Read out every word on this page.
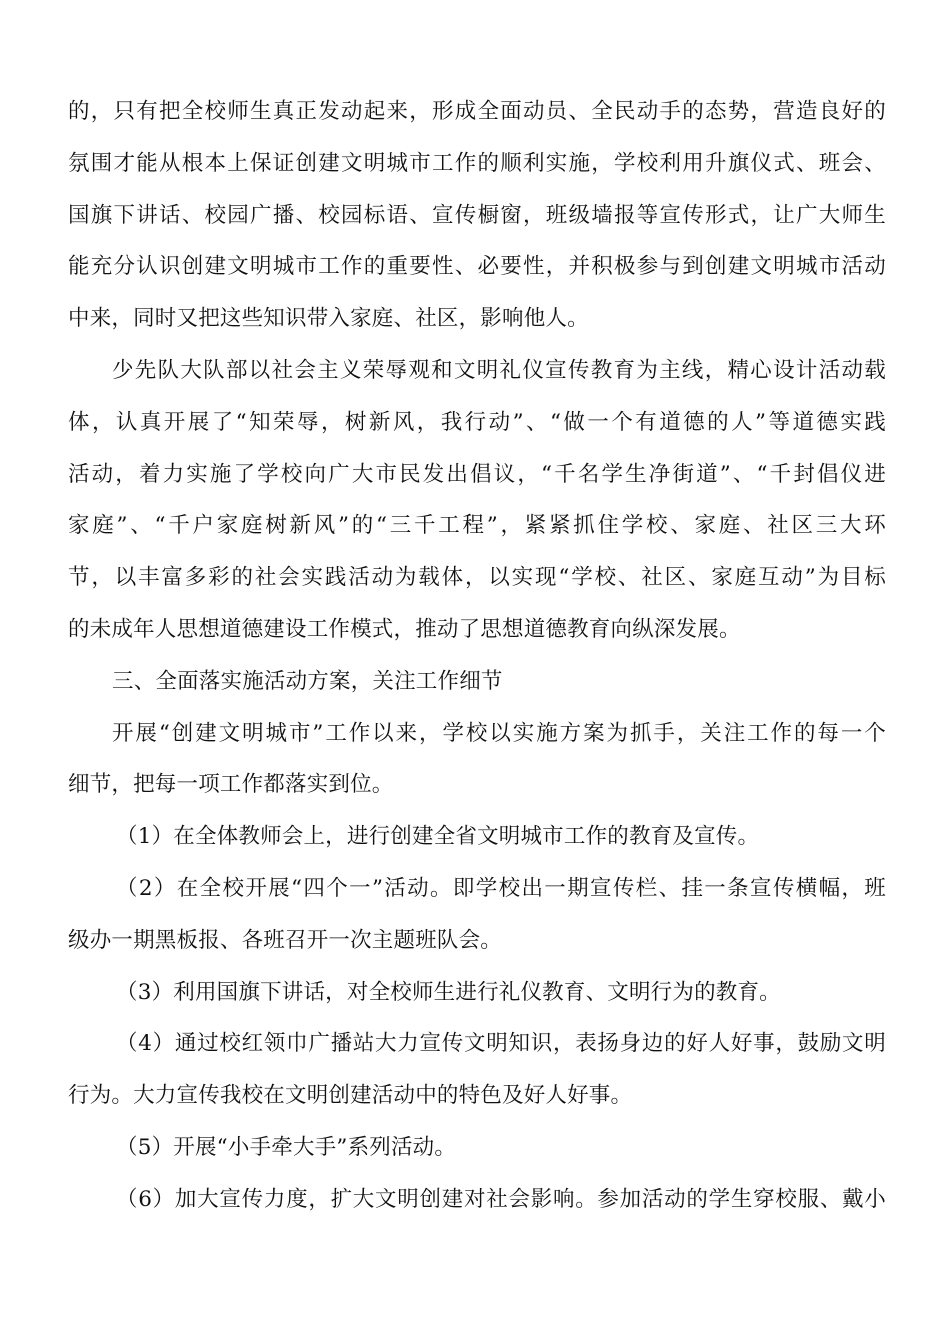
的，只有把全校师生真正发动起来，形成全面动员、全民动手的态势，营造良好的
氛围才能从根本上保证创建文明城市工作的顺利实施，学校利用升旗仪式、班会、
国旗下讲话、校园广播、校园标语、宣传橱窗，班级墙报等宣传形式，让广大师生
能充分认识创建文明城市工作的重要性、必要性，并积极参与到创建文明城市活动
中来，同时又把这些知识带入家庭、社区，影响他人。
少先队大队部以社会主义荣辱观和文明礼仪宣传教育为主线，精心设计活动载
体，认真开展了“知荣辱，树新风，我行动”、“做一个有道德的人”等道德实践
活动，着力实施了学校向广大市民发出倡议，“千名学生净街道”、“千封倡仪进
家庭”、“千户家庭树新风”的“三千工程”，紧紧抓住学校、家庭、社区三大环
节，以丰富多彩的社会实践活动为载体，以实现“学校、社区、家庭互动”为目标
的未成年人思想道德建设工作模式，推动了思想道德教育向纵深发展。
三、全面落实施活动方案，关注工作细节
开展“创建文明城市”工作以来，学校以实施方案为抓手，关注工作的每一个
细节，把每一项工作都落实到位。
（1）在全体教师会上，进行创建全省文明城市工作的教育及宣传。
（2）在全校开展“四个一”活动。即学校出一期宣传栏、挂一条宣传横幅，班
级办一期黑板报、各班召开一次主题班队会。
（3）利用国旗下讲话，对全校师生进行礼仪教育、文明行为的教育。
（4）通过校红领巾广播站大力宣传文明知识，表扬身边的好人好事，鼓励文明
行为。大力宣传我校在文明创建活动中的特色及好人好事。
（5）开展“小手牵大手”系列活动。
（6）加大宣传力度，扩大文明创建对社会影响。参加活动的学生穿校服、戴小
